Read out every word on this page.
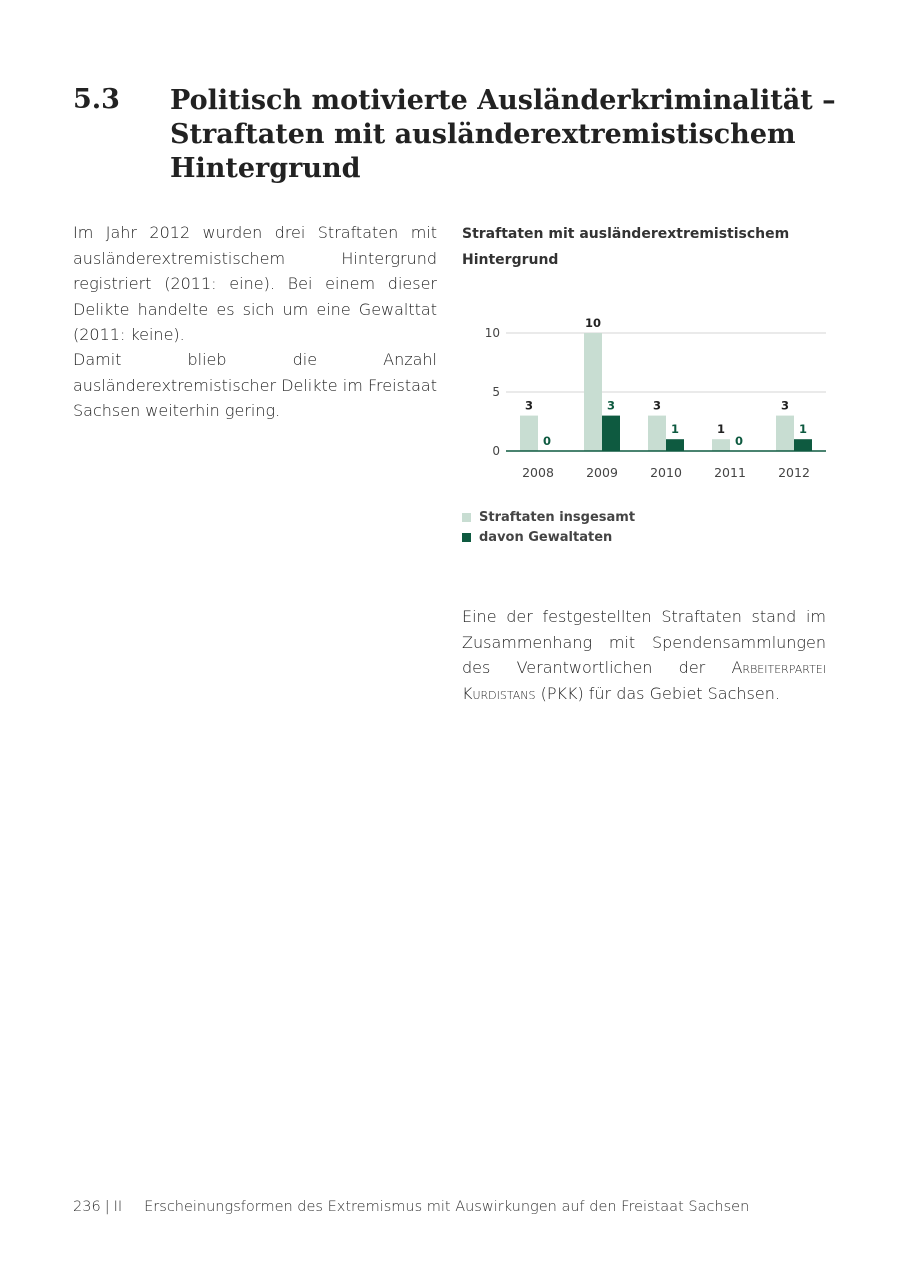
5.3 Politisch motivierte Ausländerkriminalität –
Straftaten mit ausländerextremistischem
Hintergrund

Im Jahr 2012 wurden drei Straftaten mit ausländerextremistischem Hintergrund registriert (2011: eine). Bei einem dieser Delikte handelte es sich um eine Gewalttat (2011: keine).

Damit blieb die Anzahl ausländerextremistischer Delikte im Freistaat Sachsen weiterhin gering.

Straftaten mit ausländerextremistischem Hintergrund
0
5
10
3
0
2008
10
3
2009
3
1
2010
1
0
2011
3
1
2012
Straftaten insgesamt
davon Gewaltaten

Eine der festgestellten Straftaten stand im Zusammenhang mit Spendensammlungen des Verantwortlichen der Arbeiterpartei Kurdistans (PKK) für das Gebiet Sachsen.

236 | II Erscheinungsformen des Extremismus mit Auswirkungen auf den Freistaat Sachsen
